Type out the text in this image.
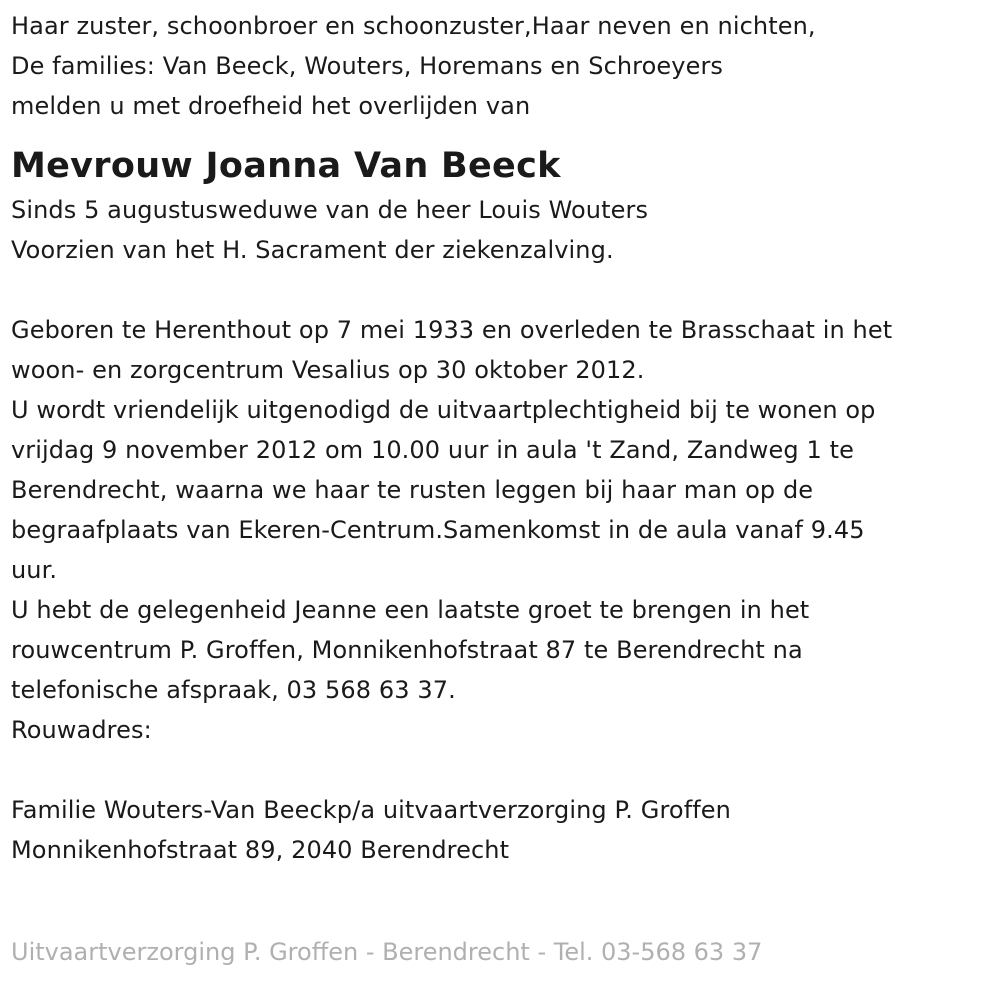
Haar zuster, schoonbroer en schoonzuster,Haar neven en nichten,
De families: Van Beeck, Wouters, Horemans en Schroeyers
melden u met droefheid het overlijden van
Mevrouw Joanna Van Beeck
Sinds 5 augustusweduwe van de heer Louis Wouters
Voorzien van het H. Sacrament der ziekenzalving.
Geboren te Herenthout op 7 mei 1933 en overleden te Brasschaat in het
woon- en zorgcentrum Vesalius op 30 oktober 2012.
U wordt vriendelijk uitgenodigd de uitvaartplechtigheid bij te wonen op
vrijdag 9 november 2012 om 10.00 uur in aula 't Zand, Zandweg 1 te
Berendrecht, waarna we haar te rusten leggen bij haar man op de
begraafplaats van Ekeren-Centrum.Samenkomst in de aula vanaf 9.45
uur.
U hebt de gelegenheid Jeanne een laatste groet te brengen in het
rouwcentrum P. Groffen, Monnikenhofstraat 87 te Berendrecht na
telefonische afspraak, 03 568 63 37.
Rouwadres:
Familie Wouters-Van Beeckp/a uitvaartverzorging P. Groffen
Monnikenhofstraat 89, 2040 Berendrecht
Uitvaartverzorging P. Groffen - Berendrecht - Tel. 03-568 63 37
